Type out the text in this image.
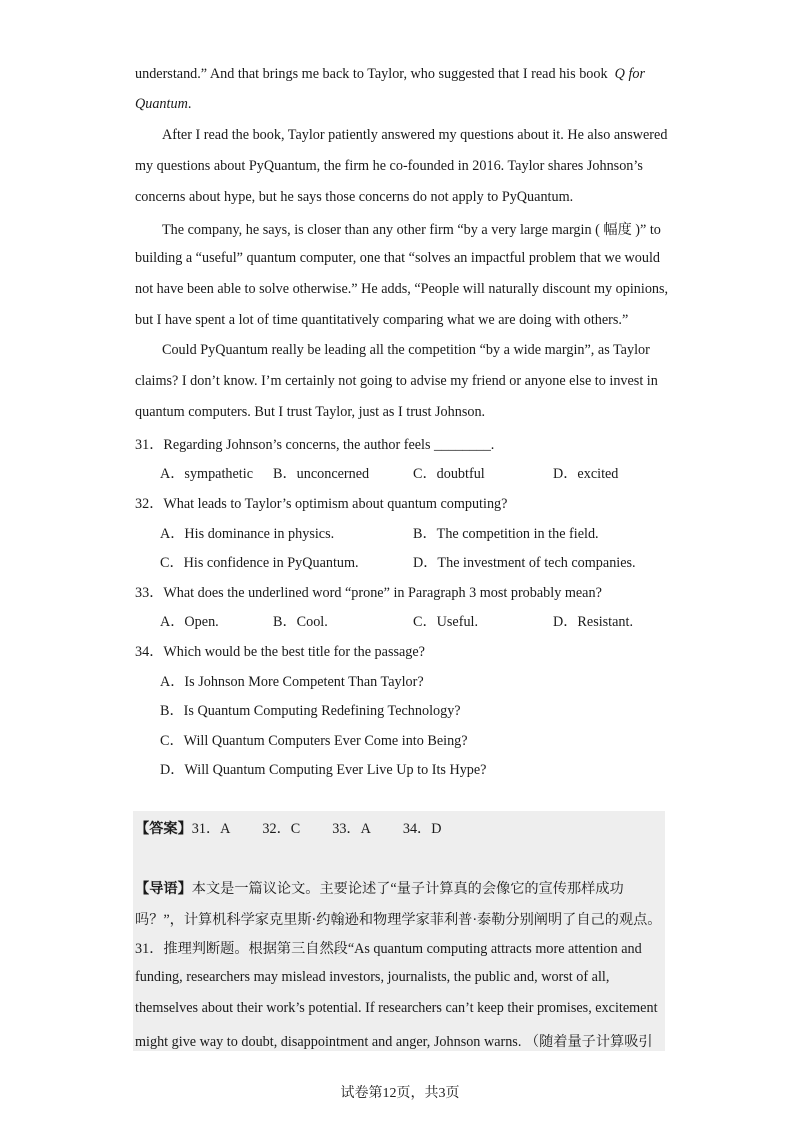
understand.” And that brings me back to Taylor, who suggested that I read his book Q for
Quantum.
After I read the book, Taylor patiently answered my questions about it. He also answered
my questions about PyQuantum, the firm he co-founded in 2016. Taylor shares Johnson’s
concerns about hype, but he says those concerns do not apply to PyQuantum.
The company, he says, is closer than any other firm “by a very large margin ( 幅度 )” to
building a “useful” quantum computer, one that “solves an impactful problem that we would
not have been able to solve otherwise.” He adds, “People will naturally discount my opinions,
but I have spent a lot of time quantitatively comparing what we are doing with others.”
Could PyQuantum really be leading all the competition “by a wide margin”, as Taylor
claims? I don’t know. I’m certainly not going to advise my friend or anyone else to invest in
quantum computers. But I trust Taylor, just as I trust Johnson.
31．Regarding Johnson’s concerns, the author feels ________.
A．sympathetic B．unconcerned	C．doubtful	D．excited
32．What leads to Taylor’s optimism about quantum computing?
A．His dominance in physics.	B．The competition in the field.
C．His confidence in PyQuantum.	D．The investment of tech companies.
33．What does the underlined word “prone” in Paragraph 3 most probably mean?
A．Open.	B．Cool.	C．Useful.	D．Resistant.
34．Which would be the best title for the passage?
A．Is Johnson More Competent Than Taylor?
B．Is Quantum Computing Redefining Technology?
C．Will Quantum Computers Ever Come into Being?
D．Will Quantum Computing Ever Live Up to Its Hype?
【答案】31．A 32．C 33．A 34．D
【导语】本文是一篇议论文。主要论述了“量子计算真的会像它的宣传那样成功
吗？”，计算机科学家克里斯·约翰逊和物理学家菲利普·泰勒分别阐明了自己的观点。
31．推理判断题。根据第三自然段“As quantum computing attracts more attention and
funding, researchers may mislead investors, journalists, the public and, worst of all,
themselves about their work’s potential. If researchers can’t keep their promises, excitement
might give way to doubt, disappointment and anger, Johnson warns. （随着量子计算吸引
试卷第12页，共3页
